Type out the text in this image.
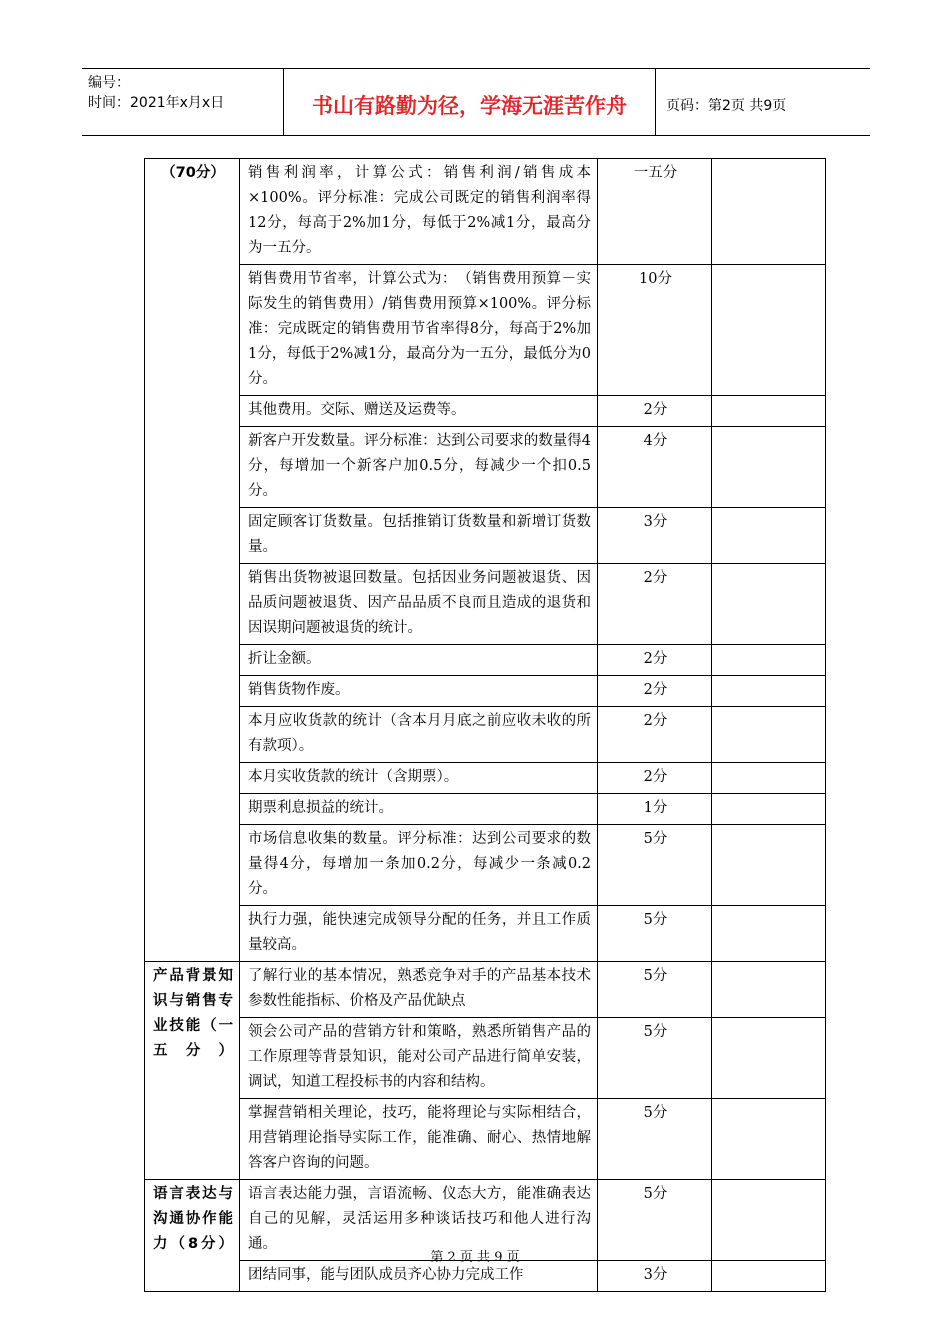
编号：
时间：2021年x月x日	书山有路勤为径，学海无涯苦作舟	页码：第2页 共9页
（70分）	销售利润率，计算公式：销售利润/销售成本×100%。评分标准：完成公司既定的销售利润率得12分，每高于2%加1分，每低于2%减1分，最高分为一五分。	一五分	
	销售费用节省率，计算公式为：　（销售费用预算－实际发生的销售费用）/销售费用预算×100%。评分标准：完成既定的销售费用节省率得8分，每高于2%加1分，每低于2%减1分，最高分为一五分，最低分为0分。	10分	
	其他费用。交际、赠送及运费等。	2分	
	新客户开发数量。评分标准：达到公司要求的数量得4分，每增加一个新客户加0.5分，每减少一个扣0.5分。	4分	
	固定顾客订货数量。包括推销订货数量和新增订货数量。	3分	
	销售出货物被退回数量。包括因业务问题被退货、因品质问题被退货、因产品品质不良而且造成的退货和因误期问题被退货的统计。	2分	
	折让金额。	2分	
	销售货物作废。	2分	
	本月应收货款的统计（含本月月底之前应收未收的所有款项）。	2分	
	本月实收货款的统计（含期票）。	2分	
	期票利息损益的统计。	1分	
	市场信息收集的数量。评分标准：达到公司要求的数量得4分，每增加一条加0.2分，每减少一条减0.2分。	5分	
	执行力强，能快速完成领导分配的任务，并且工作质量较高。	5分	
产品背景知识与销售专业技能（一五分）	了解行业的基本情况，熟悉竞争对手的产品基本技术参数性能指标、价格及产品优缺点	5分	
	领会公司产品的营销方针和策略，熟悉所销售产品的工作原理等背景知识，能对公司产品进行简单安装，调试，知道工程投标书的内容和结构。	5分	
	掌握营销相关理论，技巧，能将理论与实际相结合，用营销理论指导实际工作，能准确、耐心、热情地解答客户咨询的问题。	5分	
语言表达与沟通协作能力（8分）	语言表达能力强，言语流畅、仪态大方，能准确表达自己的见解，灵活运用多种谈话技巧和他人进行沟通。	5分	
	团结同事，能与团队成员齐心协力完成工作	3分	
第 2 页 共 9 页
